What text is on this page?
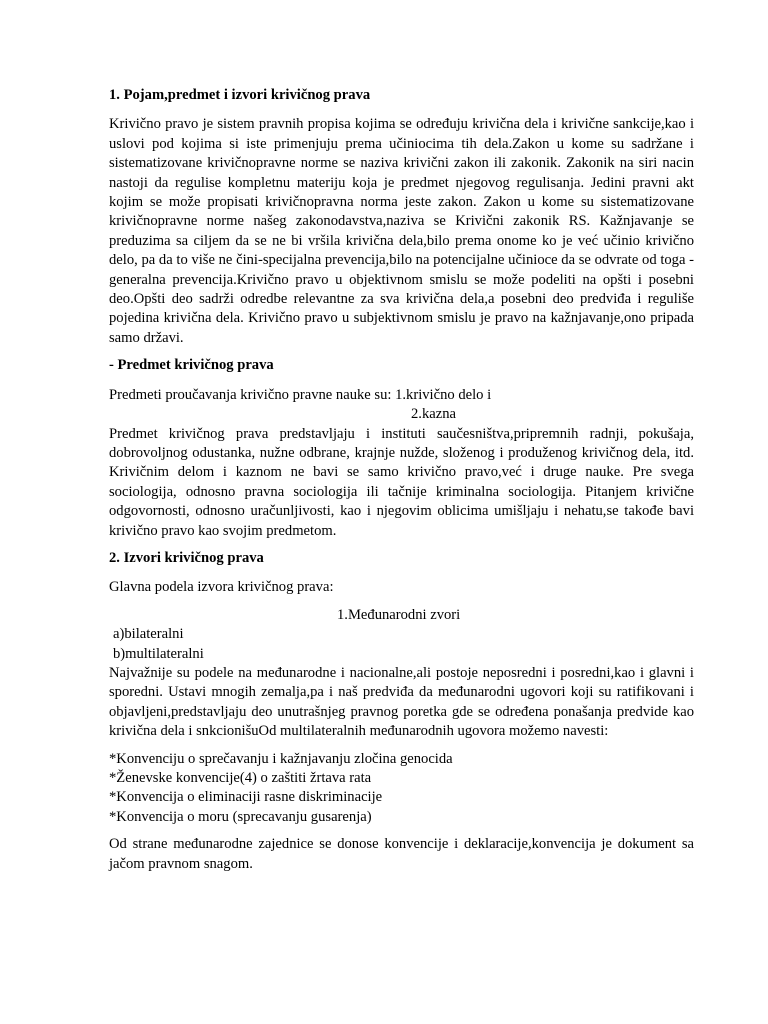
1. Pojam,predmet i izvori krivičnog prava

Krivično pravo je sistem pravnih propisa kojima se određuju krivična dela i krivične sankcije,kao i uslovi pod kojima si iste primenjuju prema učiniocima tih dela.Zakon u kome su sadržane i sistematizovane krivičnopravne norme se naziva krivični zakon ili zakonik. Zakonik na siri nacin nastoji da regulise kompletnu materiju koja je predmet njegovog regulisanja. Jedini pravni akt kojim se može propisati krivičnopravna norma jeste zakon. Zakon u kome su sistematizovane krivičnopravne norme našeg zakonodavstva,naziva se Krivični zakonik RS. Kažnjavanje se preduzima sa ciljem da se ne bi vršila krivična dela,bilo prema onome ko je već učinio krivično delo, pa da to više ne čini-specijalna prevencija,bilo na potencijalne učinioce da se odvrate od toga - generalna prevencija.Krivično pravo u objektivnom smislu se može podeliti na opšti i posebni deo.Opšti deo sadrži odredbe relevantne za sva krivična dela,a posebni deo predviđa i reguliše pojedina krivična dela. Krivično pravo u subjektivnom smislu je pravo na kažnjavanje,ono pripada samo državi.

- Predmet krivičnog prava

Predmeti proučavanja krivično pravne nauke su: 1.krivično delo i

2.kazna

Predmet krivičnog prava predstavljaju i instituti saučesništva,pripremnih radnji, pokušaja, dobrovoljnog odustanka, nužne odbrane, krajnje nužde, složenog i produženog krivičnog dela, itd. Krivičnim delom i kaznom ne bavi se samo krivično pravo,već i druge nauke. Pre svega sociologija, odnosno pravna sociologija ili tačnije kriminalna sociologija. Pitanjem krivične odgovornosti, odnosno uračunljivosti, kao i njegovim oblicima umišljaju i nehatu,se takođe bavi krivično pravo kao svojim predmetom.

2. Izvori krivičnog prava

Glavna podela izvora krivičnog prava:

1.Međunarodni zvori
a)bilateralni
b)multilateralni

Najvažnije su podele na međunarodne i nacionalne,ali postoje neposredni i posredni,kao i glavni i sporedni. Ustavi mnogih zemalja,pa i naš predviđa da međunarodni ugovori koji su ratifikovani i objavljeni,predstavljaju deo unutrašnjeg pravnog poretka gde se određena ponašanja predvide kao krivična dela i snkcionišuOd multilateralnih međunarodnih ugovora možemo navesti:

*Konvenciju o sprečavanju i kažnjavanju zločina genocida
*Ženevske konvencije(4) o zaštiti žrtava rata
*Konvencija o eliminaciji rasne diskriminacije
*Konvencija o moru (sprecavanju gusarenja)

Od strane međunarodne zajednice se donose konvencije i deklaracije,konvencija je dokument sa jačom pravnom snagom.
